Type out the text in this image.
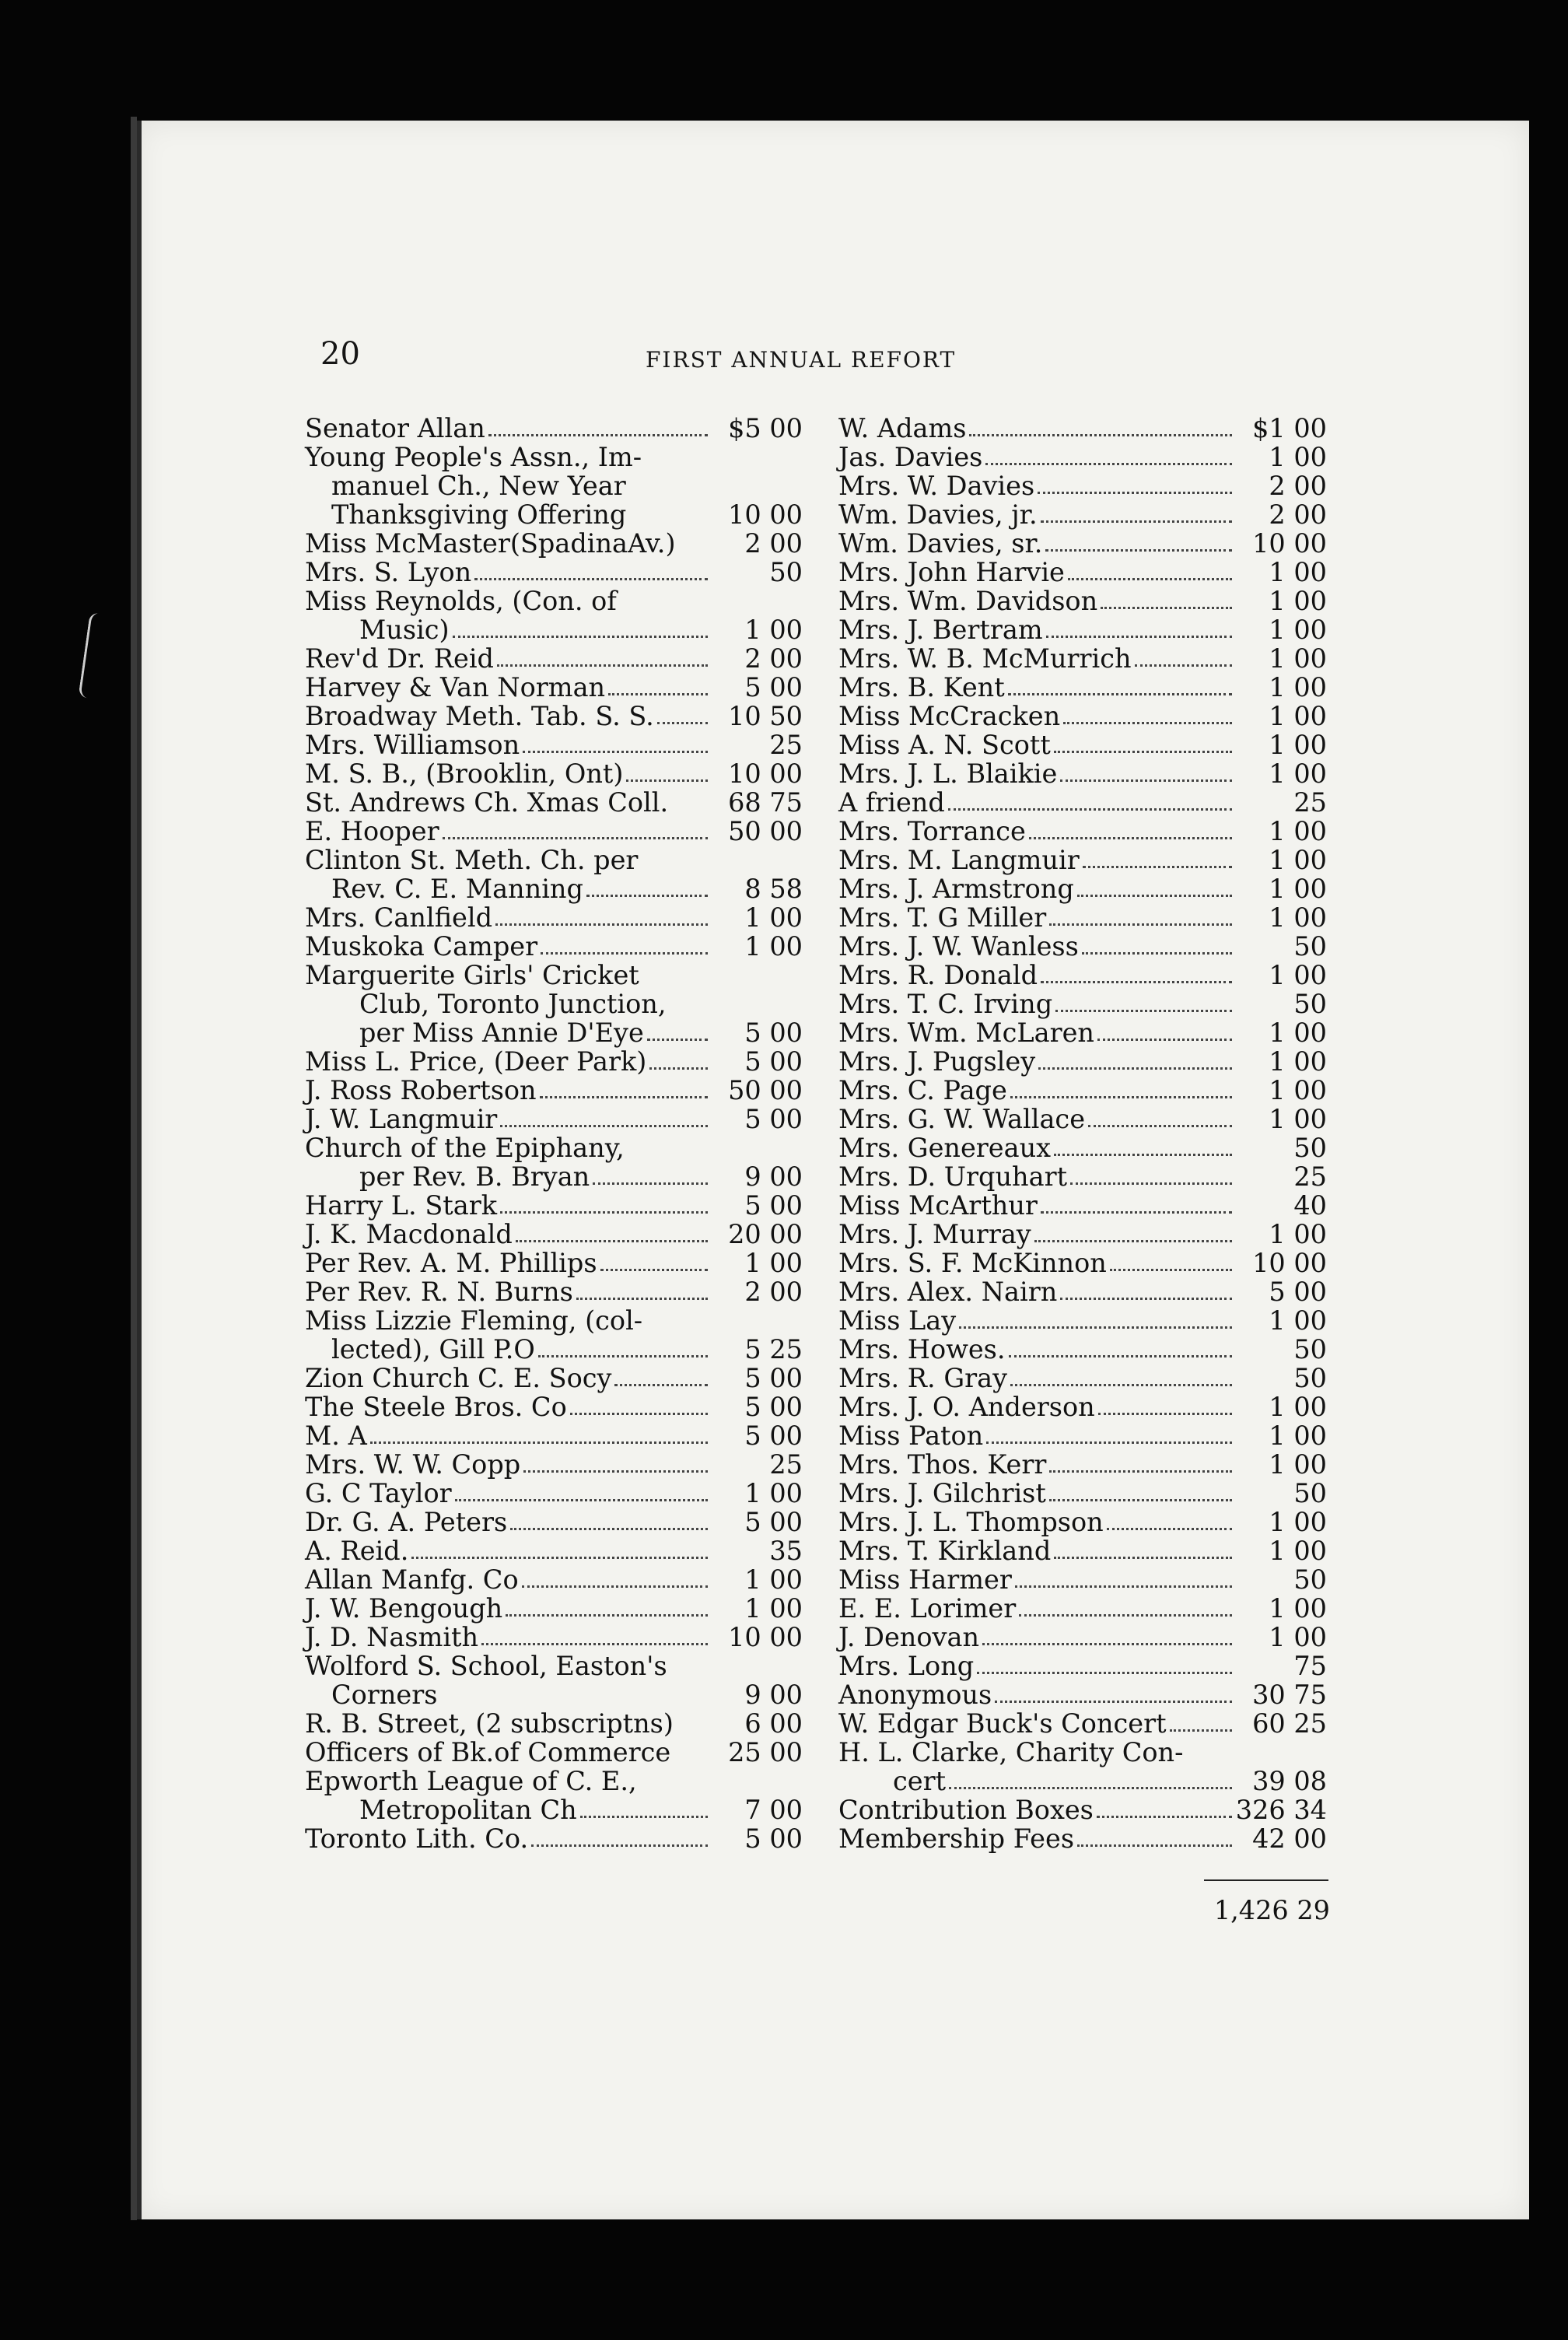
20	FIRST ANNUAL REFORT
Senator Allan	$5 00
Young People's Assn., Im-
manuel Ch., New Year
Thanksgiving Offering	10 00
Miss McMaster(SpadinaAv.)	2 00
Mrs. S. Lyon	50
Miss Reynolds, (Con. of
Music)	1 00
Rev'd Dr. Reid	2 00
Harvey & Van Norman	5 00
Broadway Meth. Tab. S. S.	10 50
Mrs. Williamson	25
M. S. B., (Brooklin, Ont)	10 00
St. Andrews Ch. Xmas Coll.	68 75
E. Hooper	50 00
Clinton St. Meth. Ch. per
Rev. C. E. Manning	8 58
Mrs. Canlfield	1 00
Muskoka Camper	1 00
Marguerite Girls' Cricket
Club, Toronto Junction,
per Miss Annie D'Eye	5 00
Miss L. Price, (Deer Park)	5 00
J. Ross Robertson	50 00
J. W. Langmuir	5 00
Church of the Epiphany,
per Rev. B. Bryan	9 00
Harry L. Stark	5 00
J. K. Macdonald	20 00
Per Rev. A. M. Phillips	1 00
Per Rev. R. N. Burns	2 00
Miss Lizzie Fleming, (col-
lected), Gill P.O	5 25
Zion Church C. E. Socy	5 00
The Steele Bros. Co	5 00
M. A	5 00
Mrs. W. W. Copp	25
G. C Taylor	1 00
Dr. G. A. Peters	5 00
A. Reid.	35
Allan Manfg. Co	1 00
J. W. Bengough	1 00
J. D. Nasmith	10 00
Wolford S. School, Easton's
Corners	9 00
R. B. Street, (2 subscriptns)	6 00
Officers of Bk.of Commerce	25 00
Epworth League of C. E.,
Metropolitan Ch	7 00
Toronto Lith. Co.	5 00
W. Adams	$1 00
Jas. Davies	1 00
Mrs. W. Davies	2 00
Wm. Davies, jr.	2 00
Wm. Davies, sr.	10 00
Mrs. John Harvie	1 00
Mrs. Wm. Davidson	1 00
Mrs. J. Bertram	1 00
Mrs. W. B. McMurrich	1 00
Mrs. B. Kent	1 00
Miss McCracken	1 00
Miss A. N. Scott	1 00
Mrs. J. L. Blaikie	1 00
A friend	25
Mrs. Torrance	1 00
Mrs. M. Langmuir	1 00
Mrs. J. Armstrong	1 00
Mrs. T. G Miller	1 00
Mrs. J. W. Wanless	50
Mrs. R. Donald	1 00
Mrs. T. C. Irving	50
Mrs. Wm. McLaren	1 00
Mrs. J. Pugsley	1 00
Mrs. C. Page	1 00
Mrs. G. W. Wallace	1 00
Mrs. Genereaux	50
Mrs. D. Urquhart	25
Miss McArthur	40
Mrs. J. Murray	1 00
Mrs. S. F. McKinnon	10 00
Mrs. Alex. Nairn	5 00
Miss Lay	1 00
Mrs. Howes.	50
Mrs. R. Gray	50
Mrs. J. O. Anderson	1 00
Miss Paton	1 00
Mrs. Thos. Kerr	1 00
Mrs. J. Gilchrist	50
Mrs. J. L. Thompson	1 00
Mrs. T. Kirkland	1 00
Miss Harmer	50
E. E. Lorimer	1 00
J. Denovan	1 00
Mrs. Long	75
Anonymous	30 75
W. Edgar Buck's Concert	60 25
H. L. Clarke, Charity Con-
cert	39 08
Contribution Boxes	326 34
Membership Fees	42 00
1,426 29
